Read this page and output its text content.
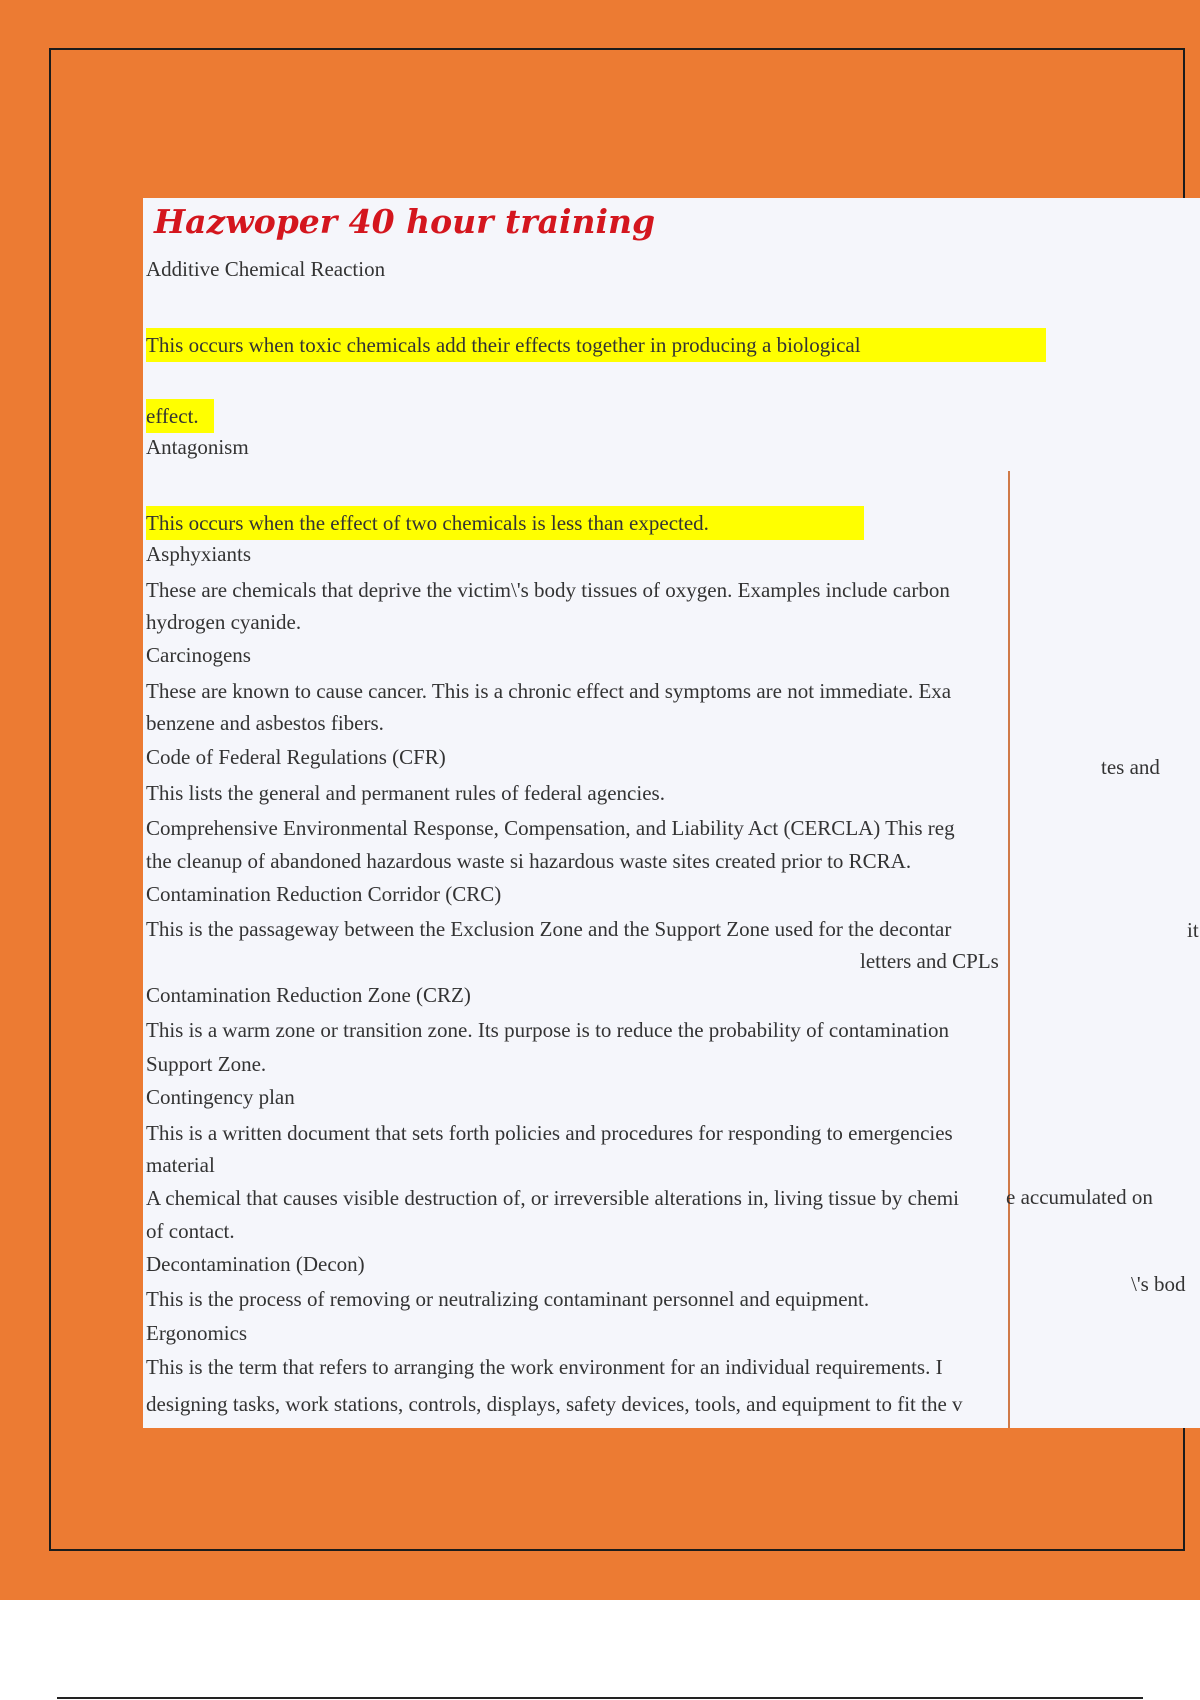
Hazwoper 40 hour training
Additive Chemical Reaction
This occurs when toxic chemicals add their effects together in producing a biological
effect.
Antagonism
This occurs when the effect of two chemicals is less than expected.
Asphyxiants
These are chemicals that deprive the victim\'s body tissues of oxygen. Examples include carbon
hydrogen cyanide.
Carcinogens
These are known to cause cancer. This is a chronic effect and symptoms are not immediate. Exa
benzene and asbestos fibers.
Code of Federal Regulations (CFR)
This lists the general and permanent rules of federal agencies.
Comprehensive Environmental Response, Compensation, and Liability Act (CERCLA) This reg
the cleanup of abandoned hazardous waste si hazardous waste sites created prior to RCRA.
Contamination Reduction Corridor (CRC)
This is the passageway between the Exclusion Zone and the Support Zone used for the decontar
letters and CPLs
Contamination Reduction Zone (CRZ)
This is a warm zone or transition zone. Its purpose is to reduce the probability of contamination
Support Zone.
Contingency plan
This is a written document that sets forth policies and procedures for responding to emergencies
material
A chemical that causes visible destruction of, or irreversible alterations in, living tissue by chemi
of contact.
Decontamination (Decon)
This is the process of removing or neutralizing contaminant personnel and equipment.
Ergonomics
This is the term that refers to arranging the work environment for an individual requirements. I
designing tasks, work stations, controls, displays, safety devices, tools, and equipment to fit the v
tes and
it
e accumulated on
\'s bod
